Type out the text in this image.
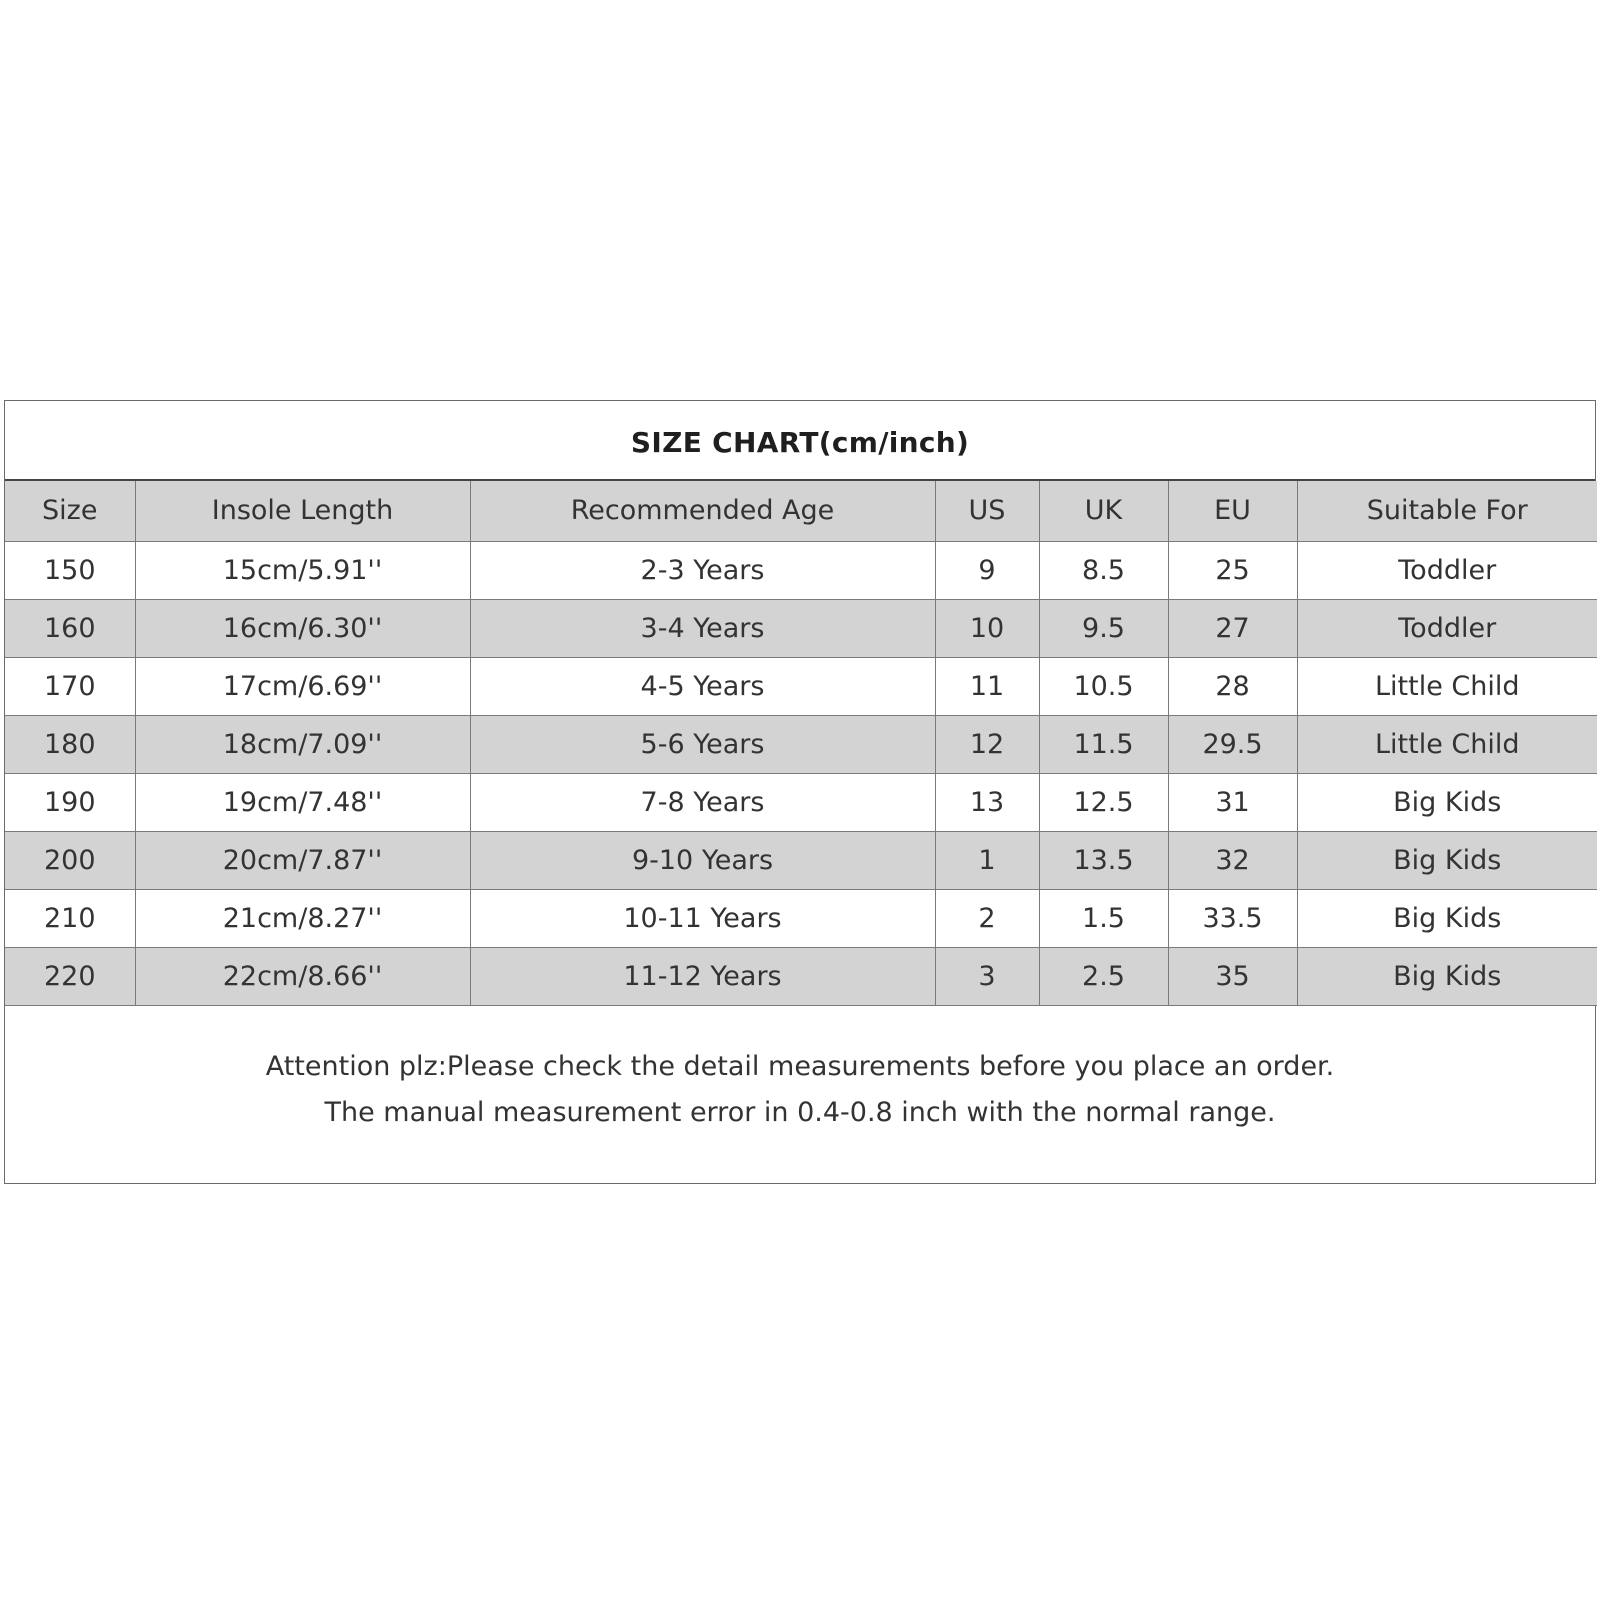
SIZE CHART(cm/inch)
Size	Insole Length	Recommended Age	US	UK	EU	Suitable For
150	15cm/5.91''	2-3 Years	9	8.5	25	Toddler
160	16cm/6.30''	3-4 Years	10	9.5	27	Toddler
170	17cm/6.69''	4-5 Years	11	10.5	28	Little Child
180	18cm/7.09''	5-6 Years	12	11.5	29.5	Little Child
190	19cm/7.48''	7-8 Years	13	12.5	31	Big Kids
200	20cm/7.87''	9-10 Years	1	13.5	32	Big Kids
210	21cm/8.27''	10-11 Years	2	1.5	33.5	Big Kids
220	22cm/8.66''	11-12 Years	3	2.5	35	Big Kids
Attention plz:Please check the detail measurements before you place an order.
The manual measurement error in 0.4-0.8 inch with the normal range.
